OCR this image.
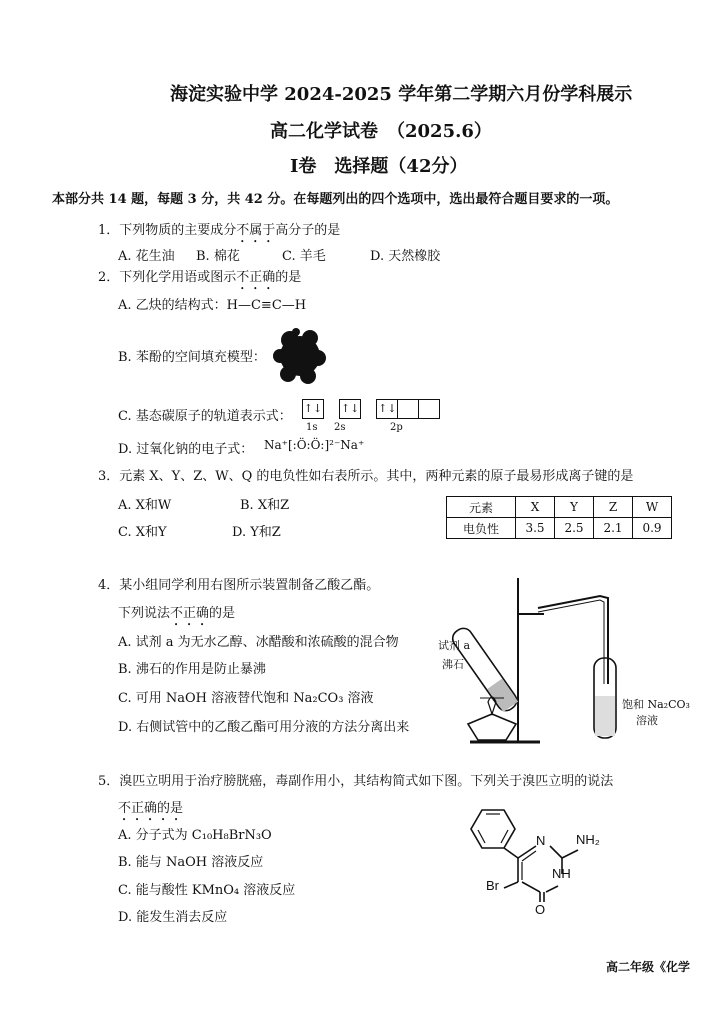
海淀实验中学 2024-2025 学年第二学期六月份学科展示
高二化学试卷　（2025.6）
I卷　选择题（42分）
本部分共 14 题，每题 3 分，共 42 分。在每题列出的四个选项中，选出最符合题目要求的一项。
1．下列物质的主要成分不属于高分子的是
A. 花生油 B. 棉花	C. 羊毛	D. 天然橡胶
2．下列化学用语或图示不正确的是
A. 乙炔的结构式：H—C≡C—H
B. 苯酚的空间填充模型：
C. 基态碳原子的轨道表示式：
↑↓ ↑↓ ↑↓
1s 2s	2p
D. 过氧化钠的电子式： Na⁺[:Ö:Ö:]²⁻Na⁺
3．元素 X、Y、Z、W、Q 的电负性如右表所示。其中，两种元素的原子最易形成离子键的是
A. X和W	B. X和Z
C. X和Y	D. Y和Z
元素	X	Y	Z	W
电负性	3.5	2.5	2.1	0.9
4．某小组同学利用右图所示装置制备乙酸乙酯。
下列说法不正确的是
A. 试剂 a 为无水乙醇、冰醋酸和浓硫酸的混合物
B. 沸石的作用是防止暴沸
C. 可用 NaOH 溶液替代饱和 Na₂CO₃ 溶液
D. 右侧试管中的乙酸乙酯可用分液的方法分离出来
试剂 a
沸石
饱和 Na₂CO₃
溶液
5．溴匹立明用于治疗膀胱癌，毒副作用小，其结构简式如下图。下列关于溴匹立明的说法
不正确的是
A. 分子式为 C₁₀H₈BrN₃O
B. 能与 NaOH 溶液反应
C. 能与酸性 KMnO₄ 溶液反应
D. 能发生消去反应
N NH₂
NH
Br
O
高二年级《化学
